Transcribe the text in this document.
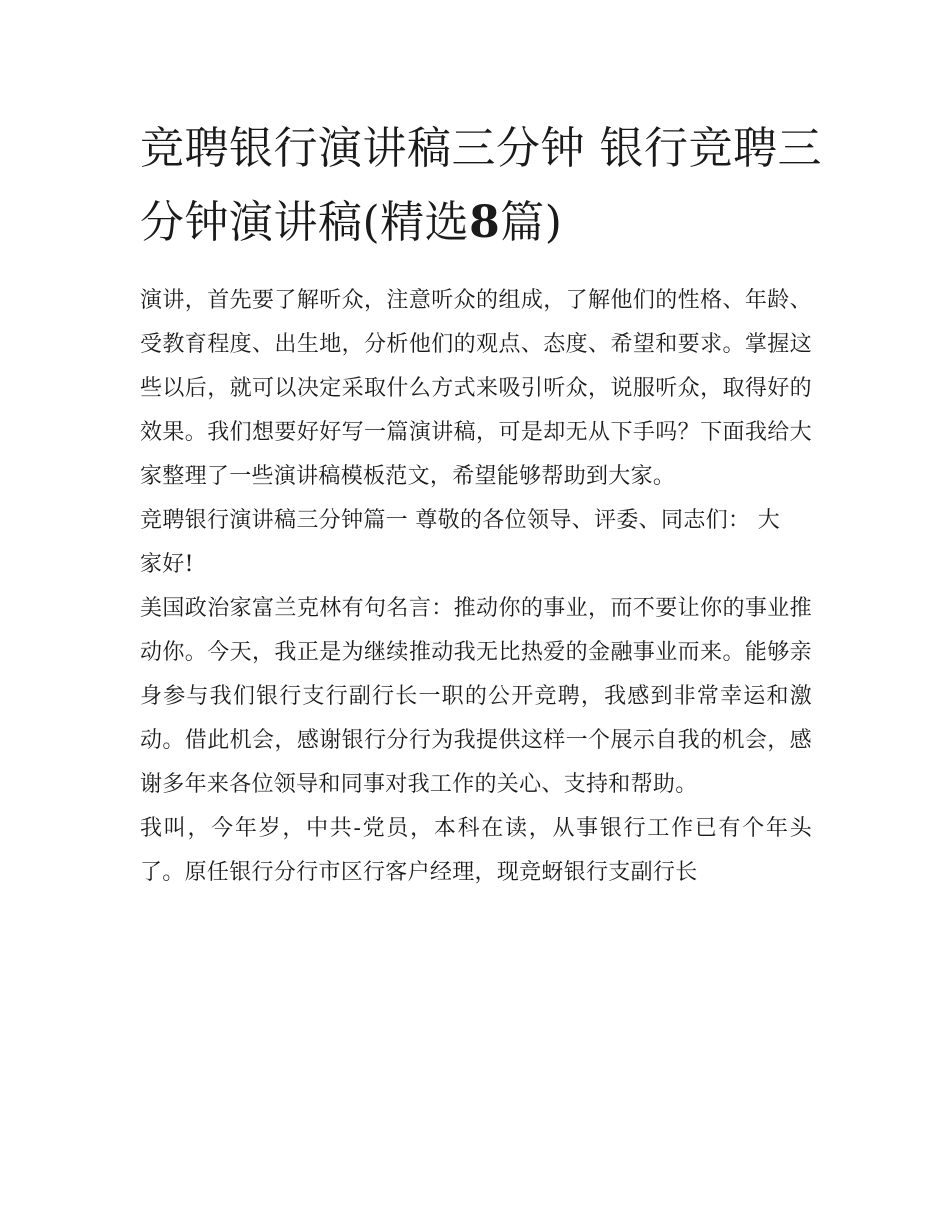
竞聘银行演讲稿三分钟 银行竞聘三分钟演讲稿(精选8篇)

演讲，首先要了解听众，注意听众的组成，了解他们的性格、年龄、受教育程度、出生地，分析他们的观点、态度、希望和要求。掌握这些以后，就可以决定采取什么方式来吸引听众，说服听众，取得好的效果。我们想要好好写一篇演讲稿，可是却无从下手吗？下面我给大家整理了一些演讲稿模板范文，希望能够帮助到大家。

竞聘银行演讲稿三分钟篇一 尊敬的各位领导、评委、同志们： 大家好!

美国政治家富兰克林有句名言：推动你的事业，而不要让你的事业推动你。今天，我正是为继续推动我无比热爱的金融事业而来。能够亲身参与我们银行支行副行长一职的公开竞聘，我感到非常幸运和激动。借此机会，感谢银行分行为我提供这样一个展示自我的机会，感谢多年来各位领导和同事对我工作的关心、支持和帮助。

我叫，今年岁，中共-党员，本科在读，从事银行工作已有个年头了。原任银行分行市区行客户经理，现竞蚜银行支副行长
